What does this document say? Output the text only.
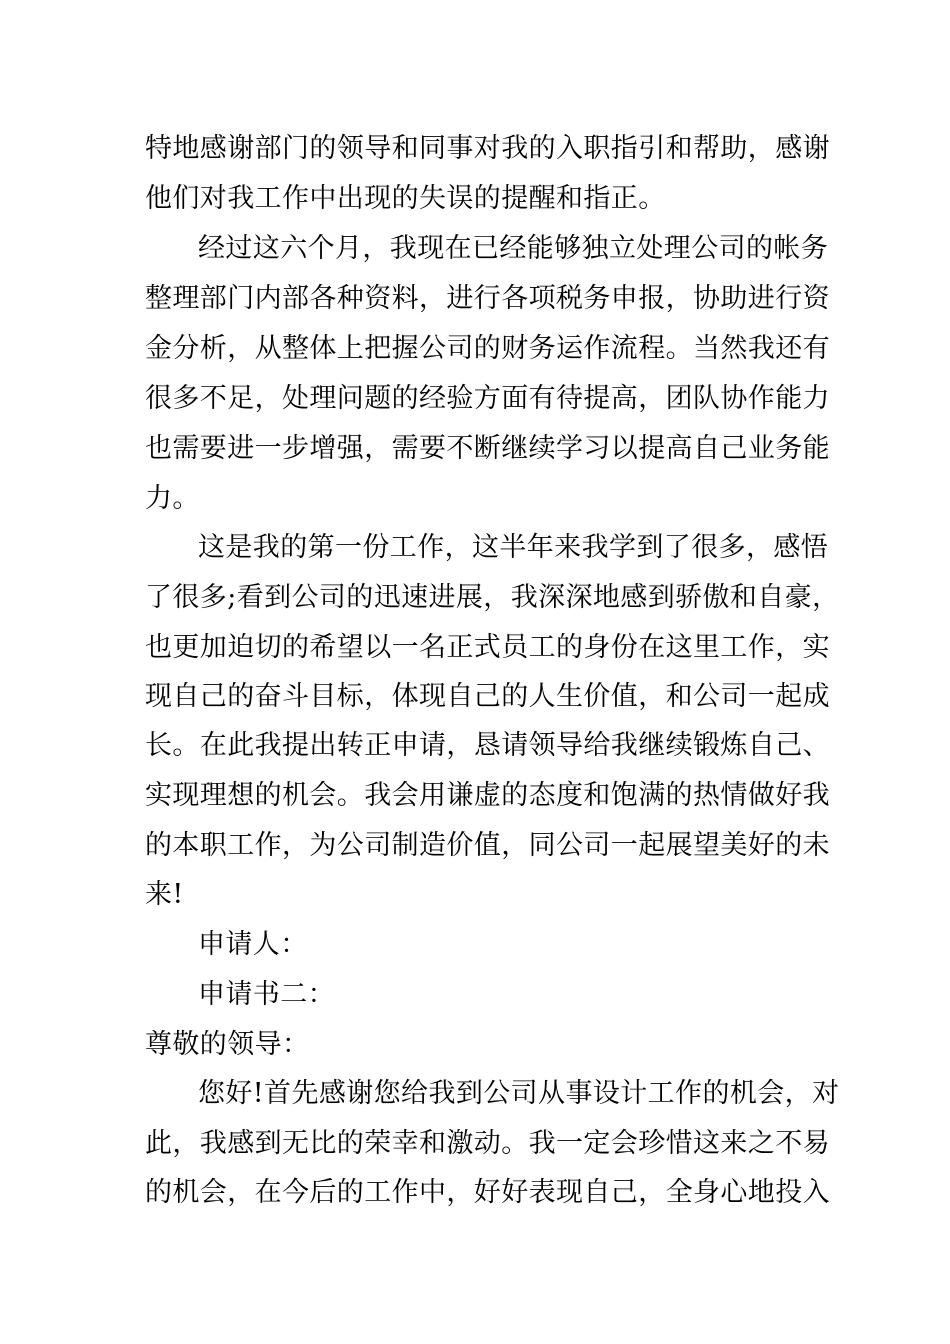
特地感谢部门的领导和同事对我的入职指引和帮助，感谢
他们对我工作中出现的失误的提醒和指正。
经过这六个月，我现在已经能够独立处理公司的帐务
整理部门内部各种资料，进行各项税务申报，协助进行资
金分析，从整体上把握公司的财务运作流程。当然我还有
很多不足，处理问题的经验方面有待提高，团队协作能力
也需要进一步增强，需要不断继续学习以提高自己业务能
力。
这是我的第一份工作，这半年来我学到了很多，感悟
了很多;看到公司的迅速进展，我深深地感到骄傲和自豪，
也更加迫切的希望以一名正式员工的身份在这里工作，实
现自己的奋斗目标，体现自己的人生价值，和公司一起成
长。在此我提出转正申请，恳请领导给我继续锻炼自己、
实现理想的机会。我会用谦虚的态度和饱满的热情做好我
的本职工作，为公司制造价值，同公司一起展望美好的未
来!
申请人：
申请书二：
尊敬的领导：
您好!首先感谢您给我到公司从事设计工作的机会，对
此，我感到无比的荣幸和激动。我一定会珍惜这来之不易
的机会，在今后的工作中，好好表现自己，全身心地投入
